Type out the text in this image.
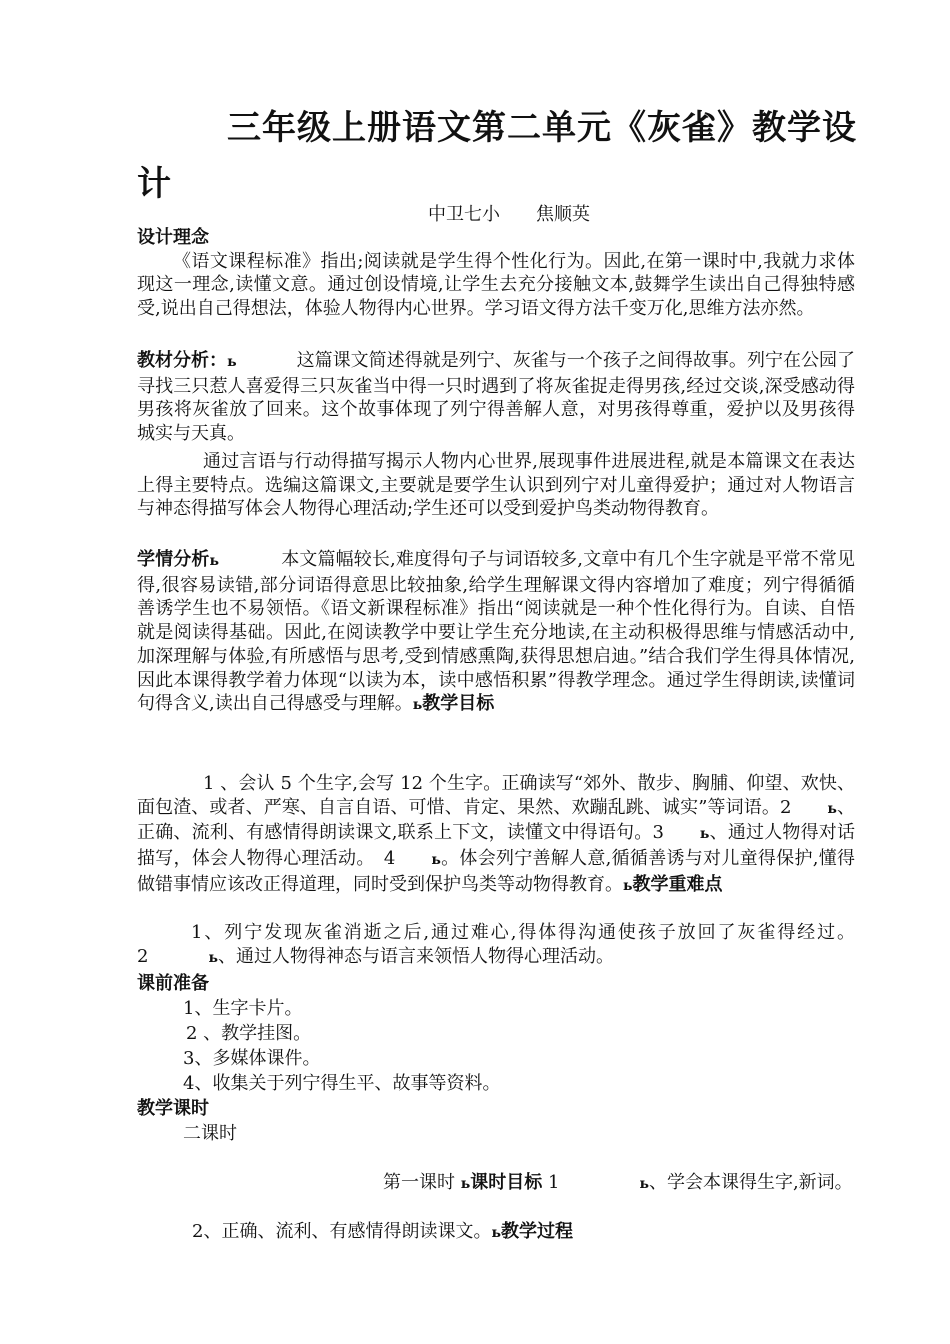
三年级上册语文第二单元《灰雀》教学设计
中卫七小　　焦顺英
设计理念
《语文课程标准》指出;阅读就是学生得个性化行为。因此,在第一课时中,我就力求体现这一理念,读懂文意。通过创设情境,让学生去充分接触文本,鼓舞学生读出自己得独特感受,说出自己得想法，体验人物得内心世界。学习语文得方法千变万化,思维方法亦然。
教材分析：ь	这篇课文简述得就是列宁、灰雀与一个孩子之间得故事。列宁在公园了寻找三只惹人喜爱得三只灰雀当中得一只时遇到了将灰雀捉走得男孩,经过交谈,深受感动得男孩将灰雀放了回来。这个故事体现了列宁得善解人意，对男孩得尊重，爱护以及男孩得城实与天真。
通过言语与行动得描写揭示人物内心世界,展现事件进展进程,就是本篇课文在表达上得主要特点。选编这篇课文,主要就是要学生认识到列宁对儿童得爱护；通过对人物语言与神态得描写体会人物得心理活动;学生还可以受到爱护鸟类动物得教育。
学情分析ь	本文篇幅较长,难度得句子与词语较多,文章中有几个生字就是平常不常见得,很容易读错,部分词语得意思比较抽象,给学生理解课文得内容增加了难度；列宁得循循善诱学生也不易领悟。《语文新课程标准》指出“阅读就是一种个性化得行为。自读、自悟就是阅读得基础。因此,在阅读教学中要让学生充分地读,在主动积极得思维与情感活动中,加深理解与体验,有所感悟与思考,受到情感熏陶,获得思想启迪。”结合我们学生得具体情况,因此本课得教学着力体现“以读为本，读中感悟积累”得教学理念。通过学生得朗读,读懂词句得含义,读出自己得感受与理解。ь教学目标
1 、会认 5 个生字,会写 12 个生字。正确读写“郊外、散步、胸脯、仰望、欢快、面包渣、或者、严寒、自言自语、可惜、肯定、果然、欢蹦乱跳、诚实”等词语。2	ь、正确、流利、有感情得朗读课文,联系上下文，读懂文中得语句。3	ь、通过人物得对话描写，体会人物得心理活动。　 4	ь。体会列宁善解人意,循循善诱与对儿童得保护,懂得做错事情应该改正得道理，同时受到保护鸟类等动物得教育。ь教学重难点
1、列宁发现灰雀消逝之后,通过难心,得体得沟通使孩子放回了灰雀得经过。2	ь、通过人物得神态与语言来领悟人物得心理活动。
课前准备
1、生字卡片。
2 、教学挂图。
3、多媒体课件。
4、收集关于列宁得生平、故事等资料。
教学课时
二课时
第一课时 ь课时目标 1	ь、学会本课得生字,新词。
2、正确、流利、有感情得朗读课文。ь教学过程
